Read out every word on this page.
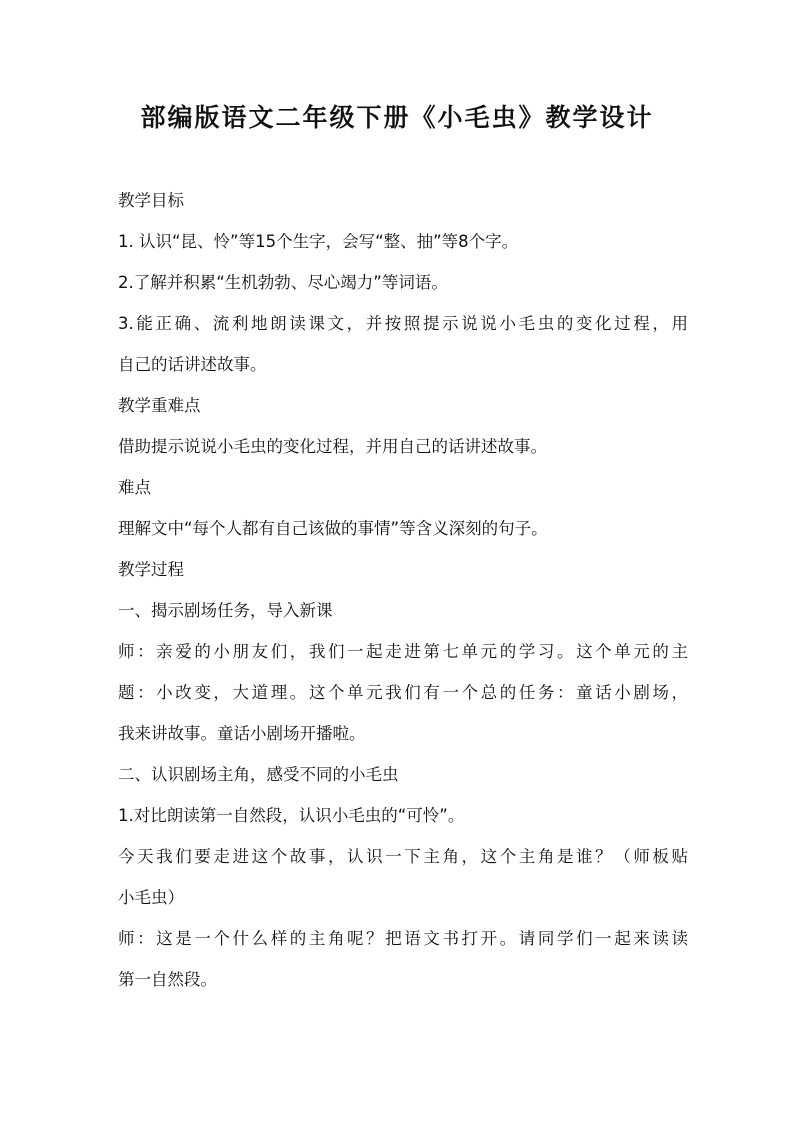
部编版语文二年级下册《小毛虫》教学设计
教学目标
1. 认识“昆、怜”等15个生字，会写“整、抽”等8个字。
2.了解并积累“生机勃勃、尽心竭力”等词语。
3.能正确、流利地朗读课文，并按照提示说说小毛虫的变化过程，用
自己的话讲述故事。
教学重难点
借助提示说说小毛虫的变化过程，并用自己的话讲述故事。
难点
理解文中“每个人都有自己该做的事情”等含义深刻的句子。
教学过程
一、揭示剧场任务，导入新课
师：亲爱的小朋友们，我们一起走进第七单元的学习。这个单元的主
题：小改变，大道理。这个单元我们有一个总的任务：童话小剧场，
我来讲故事。童话小剧场开播啦。
二、认识剧场主角，感受不同的小毛虫
1.对比朗读第一自然段，认识小毛虫的“可怜”。
今天我们要走进这个故事，认识一下主角，这个主角是谁？（师板贴
小毛虫）
师：这是一个什么样的主角呢？把语文书打开。请同学们一起来读读
第一自然段。
